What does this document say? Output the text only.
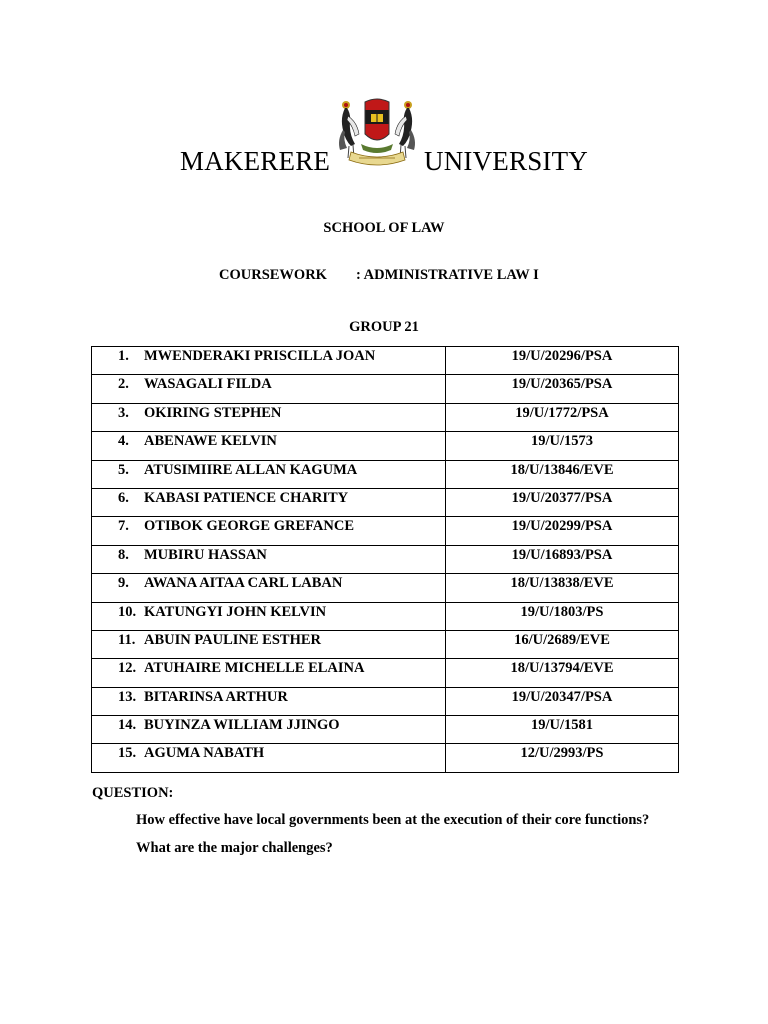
MAKERERE	UNIVERSITY
SCHOOL OF LAW
COURSEWORK : ADMINISTRATIVE LAW I
GROUP 21
1. MWENDERAKI PRISCILLA JOAN	19/U/20296/PSA
2. WASAGALI FILDA	19/U/20365/PSA
3. OKIRING STEPHEN	19/U/1772/PSA
4. ABENAWE KELVIN	19/U/1573
5. ATUSIMIIRE ALLAN KAGUMA	18/U/13846/EVE
6. KABASI PATIENCE CHARITY	19/U/20377/PSA
7. OTIBOK GEORGE GREFANCE	19/U/20299/PSA
8. MUBIRU HASSAN	19/U/16893/PSA
9. AWANA AITAA CARL LABAN	18/U/13838/EVE
10. KATUNGYI JOHN KELVIN	19/U/1803/PS
11. ABUIN PAULINE ESTHER	16/U/2689/EVE
12. ATUHAIRE MICHELLE ELAINA	18/U/13794/EVE
13. BITARINSA ARTHUR	19/U/20347/PSA
14. BUYINZA WILLIAM JJINGO	19/U/1581
15. AGUMA NABATH	12/U/2993/PS
QUESTION:
How effective have local governments been at the execution of their core functions?
What are the major challenges?
